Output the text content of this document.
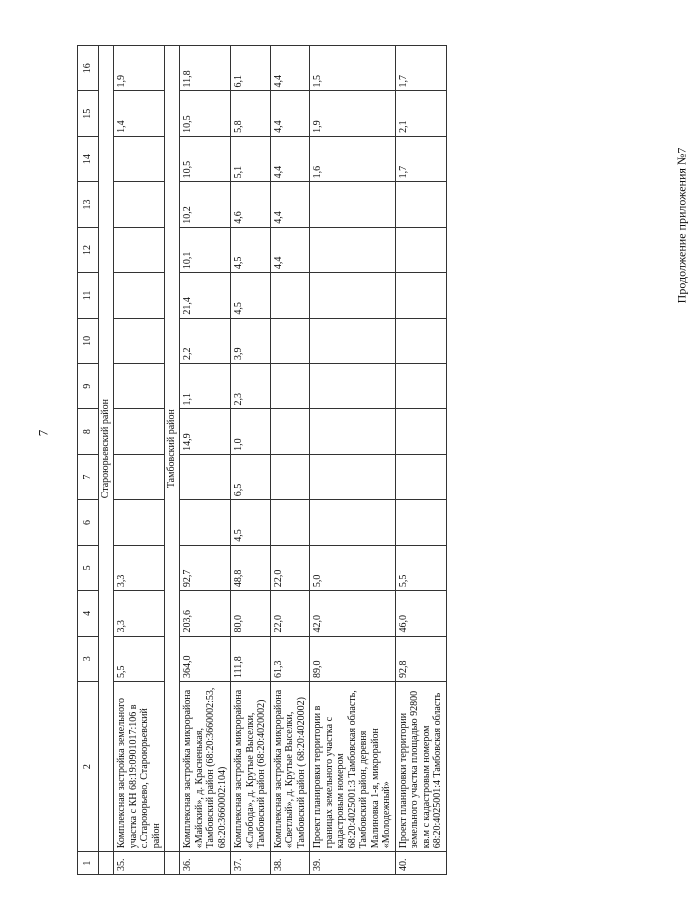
Продолжение приложения №7
7
1	2	3	4	5	6	7	8	9	10	11	12	13	14	15	16
	Староюрьевский район														
35.	Комплексная застройка земельного участка с КН 68:19:0901017:106 в с.Староюрьево, Староюрьевский район	5,5	3,3	3,3										1,4	1,9
	Тамбовский район														
36.	Комплексная застройка микрорайона «Майский», д. Красненькая, Тамбовский район (68:20:3660002:53, 68:20:3660002:104)	364,0	203,6	92,7			14,9	1,1	2,2	21,4	10,1	10,2	10,5	10,5	11,8
37.	Комплексная застройка микрорайона «Слобода», д. Крутые Выселки, Тамбовский район (68:20:4020002)	111,8	80,0	48,8	4,5	6,5	1,0	2,3	3,9	4,5	4,5	4,6	5,1	5,8	6,1
38.	Комплексная застройка микрорайона «Светлый», д. Крутые Выселки, Тамбовский район ( 68:20:4020002)	61,3	22,0	22,0							4,4	4,4	4,4	4,4	4,4
39.	Проект планировки территории в границах земельного участка с кадастровым номером 68:20:4025001:3 Тамбовская область, Тамбовский район, деревня Малиновка 1-я, микрорайон «Молодежный»	89,0	42,0	5,0									1,6	1,9	1,5
40.	Проект планировки территории земельного участка площадью 92800 кв.м с кадастровым номером 68:20:4025001:4 Тамбовская область	92,8	46,0	5,5									1,7	2,1	1,7
